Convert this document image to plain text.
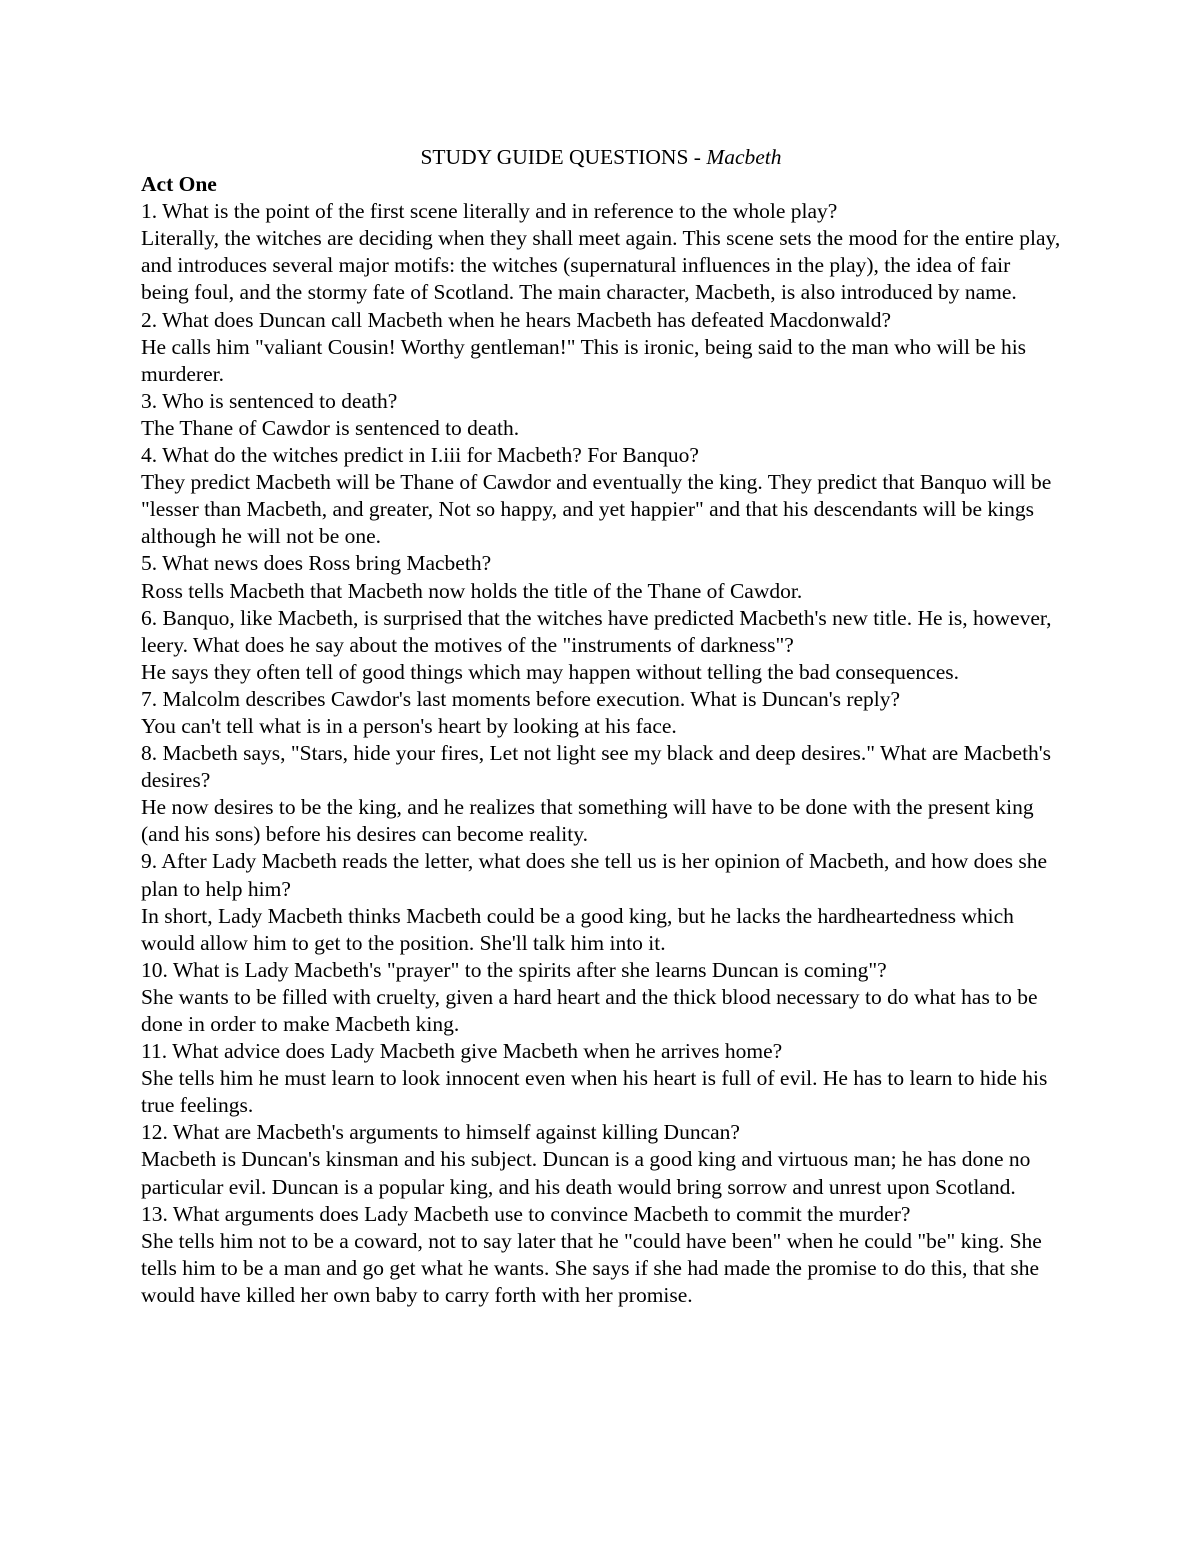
STUDY GUIDE QUESTIONS - Macbeth
Act One

1. What is the point of the first scene literally and in reference to the whole play?

Literally, the witches are deciding when they shall meet again. This scene sets the mood for the entire play, and introduces several major motifs: the witches (supernatural influences in the play), the idea of fair being foul, and the stormy fate of Scotland. The main character, Macbeth, is also introduced by name.

2. What does Duncan call Macbeth when he hears Macbeth has defeated Macdonwald?

He calls him "valiant Cousin! Worthy gentleman!" This is ironic, being said to the man who will be his murderer.

3. Who is sentenced to death?

The Thane of Cawdor is sentenced to death.

4. What do the witches predict in I.iii for Macbeth? For Banquo?

They predict Macbeth will be Thane of Cawdor and eventually the king. They predict that Banquo will be "lesser than Macbeth, and greater, Not so happy, and yet happier" and that his descendants will be kings although he will not be one.

5. What news does Ross bring Macbeth?

Ross tells Macbeth that Macbeth now holds the title of the Thane of Cawdor.

6. Banquo, like Macbeth, is surprised that the witches have predicted Macbeth's new title. He is, however, leery. What does he say about the motives of the "instruments of darkness"?

He says they often tell of good things which may happen without telling the bad consequences.

7. Malcolm describes Cawdor's last moments before execution. What is Duncan's reply?

You can't tell what is in a person's heart by looking at his face.

8. Macbeth says, "Stars, hide your fires, Let not light see my black and deep desires." What are Macbeth's desires?

He now desires to be the king, and he realizes that something will have to be done with the present king (and his sons) before his desires can become reality.

9. After Lady Macbeth reads the letter, what does she tell us is her opinion of Macbeth, and how does she plan to help him?

In short, Lady Macbeth thinks Macbeth could be a good king, but he lacks the hardheartedness which would allow him to get to the position. She'll talk him into it.

10. What is Lady Macbeth's "prayer" to the spirits after she learns Duncan is coming"?

She wants to be filled with cruelty, given a hard heart and the thick blood necessary to do what has to be done in order to make Macbeth king.

11. What advice does Lady Macbeth give Macbeth when he arrives home?

She tells him he must learn to look innocent even when his heart is full of evil. He has to learn to hide his true feelings.

12. What are Macbeth's arguments to himself against killing Duncan?

Macbeth is Duncan's kinsman and his subject. Duncan is a good king and virtuous man; he has done no particular evil. Duncan is a popular king, and his death would bring sorrow and unrest upon Scotland.

13. What arguments does Lady Macbeth use to convince Macbeth to commit the murder?

She tells him not to be a coward, not to say later that he "could have been" when he could "be" king. She tells him to be a man and go get what he wants. She says if she had made the promise to do this, that she would have killed her own baby to carry forth with her promise.
